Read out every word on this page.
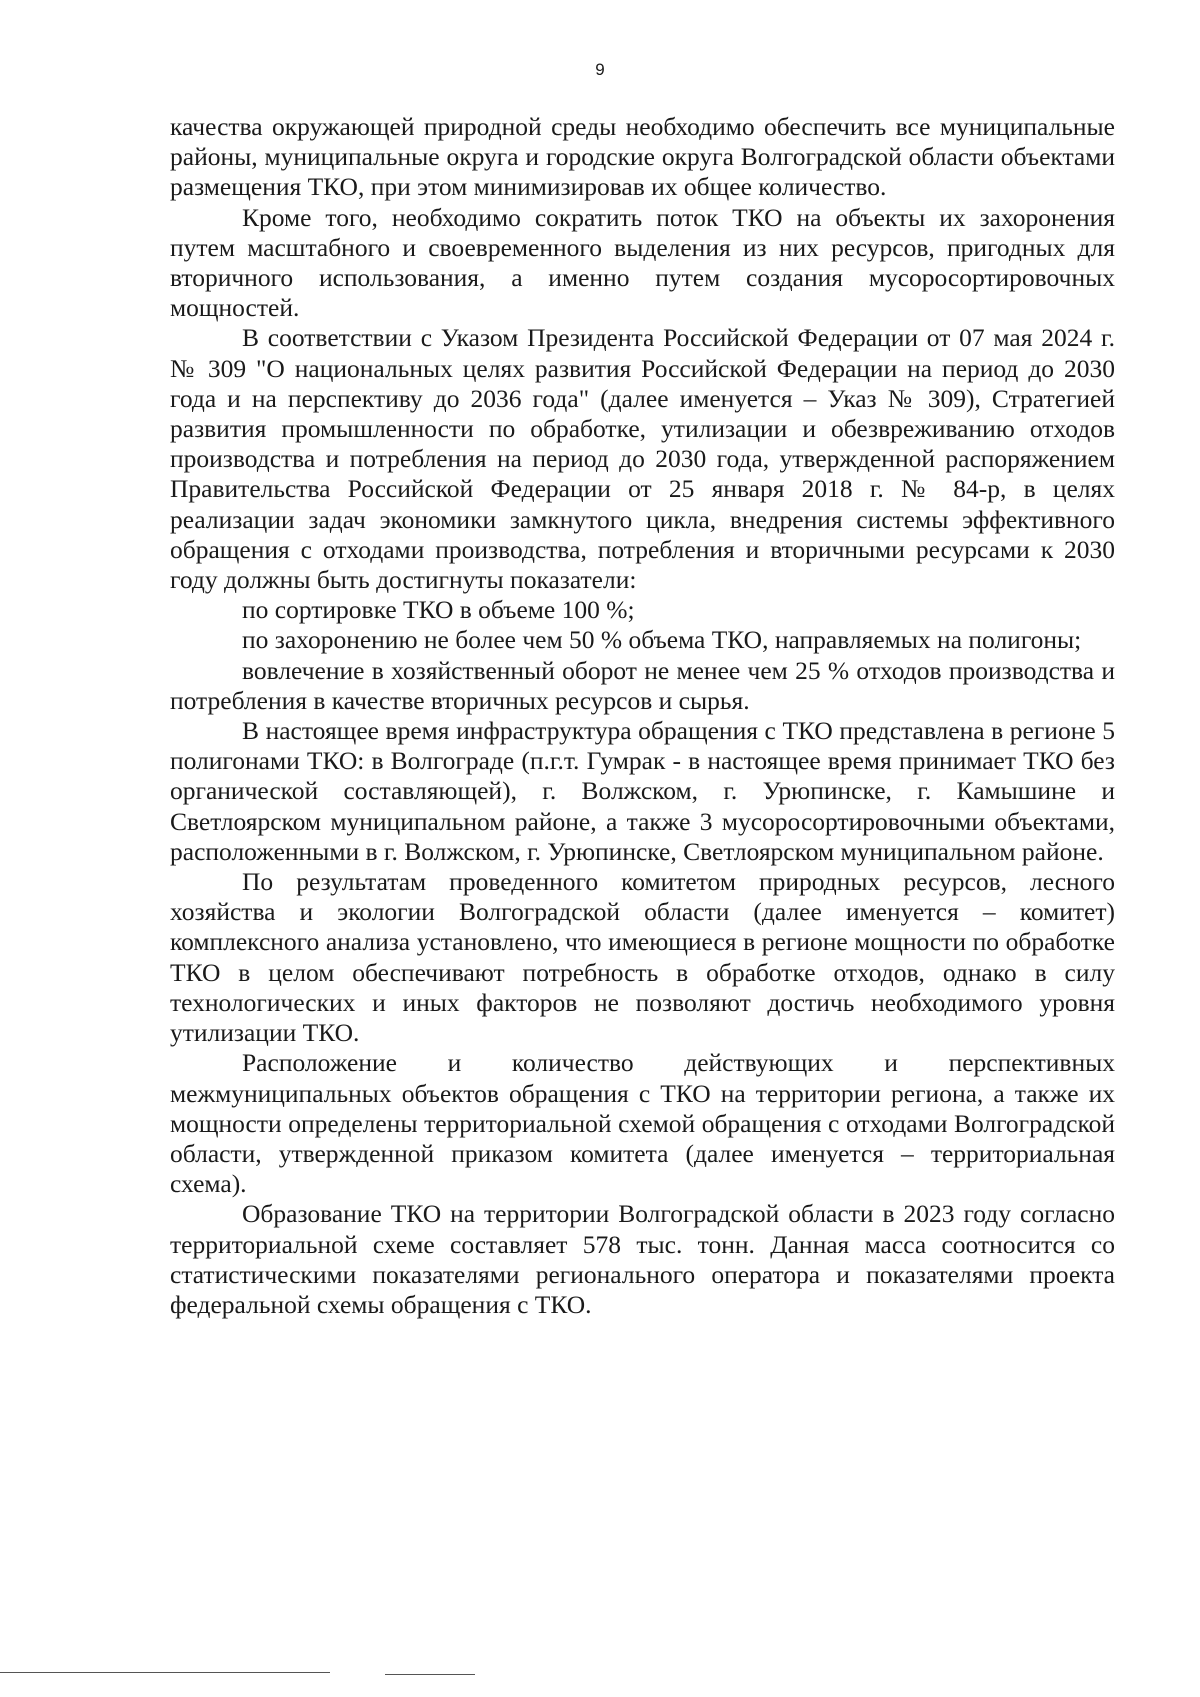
9

качества окружающей природной среды необходимо обеспечить все муниципальные районы, муниципальные округа и городские округа Волгоградской области объектами размещения ТКО, при этом минимизировав их общее количество.

Кроме того, необходимо сократить поток ТКО на объекты их захоронения путем масштабного и своевременного выделения из них ресурсов, пригодных для вторичного использования, а именно путем создания мусоросортировочных мощностей.

В соответствии с Указом Президента Российской Федерации от 07 мая 2024 г. № 309 "О национальных целях развития Российской Федерации на период до 2030 года и на перспективу до 2036 года" (далее именуется – Указ № 309), Стратегией развития промышленности по обработке, утилизации и обезвреживанию отходов производства и потребления на период до 2030 года, утвержденной распоряжением Правительства Российской Федерации от 25 января 2018 г. № 84-р, в целях реализации задач экономики замкнутого цикла, внедрения системы эффективного обращения с отходами производства, потребления и вторичными ресурсами к 2030 году должны быть достигнуты показатели:

по сортировке ТКО в объеме 100 %;

по захоронению не более чем 50 % объема ТКО, направляемых на полигоны;

вовлечение в хозяйственный оборот не менее чем 25 % отходов производства и потребления в качестве вторичных ресурсов и сырья.

В настоящее время инфраструктура обращения с ТКО представлена в регионе 5 полигонами ТКО: в Волгограде (п.г.т. Гумрак - в настоящее время принимает ТКО без органической составляющей), г. Волжском, г. Урюпинске, г. Камышине и Светлоярском муниципальном районе, а также 3 мусоросортировочными объектами, расположенными в г. Волжском, г. Урюпинске, Светлоярском муниципальном районе.

По результатам проведенного комитетом природных ресурсов, лесного хозяйства и экологии Волгоградской области (далее именуется – комитет) комплексного анализа установлено, что имеющиеся в регионе мощности по обработке ТКО в целом обеспечивают потребность в обработке отходов, однако в силу технологических и иных факторов не позволяют достичь необходимого уровня утилизации ТКО.

Расположение и количество действующих и перспективных межмуниципальных объектов обращения с ТКО на территории региона, а также их мощности определены территориальной схемой обращения с отходами Волгоградской области, утвержденной приказом комитета (далее именуется – территориальная схема).

Образование ТКО на территории Волгоградской области в 2023 году согласно территориальной схеме составляет 578 тыс. тонн. Данная масса соотносится со статистическими показателями регионального оператора и показателями проекта федеральной схемы обращения с ТКО.
